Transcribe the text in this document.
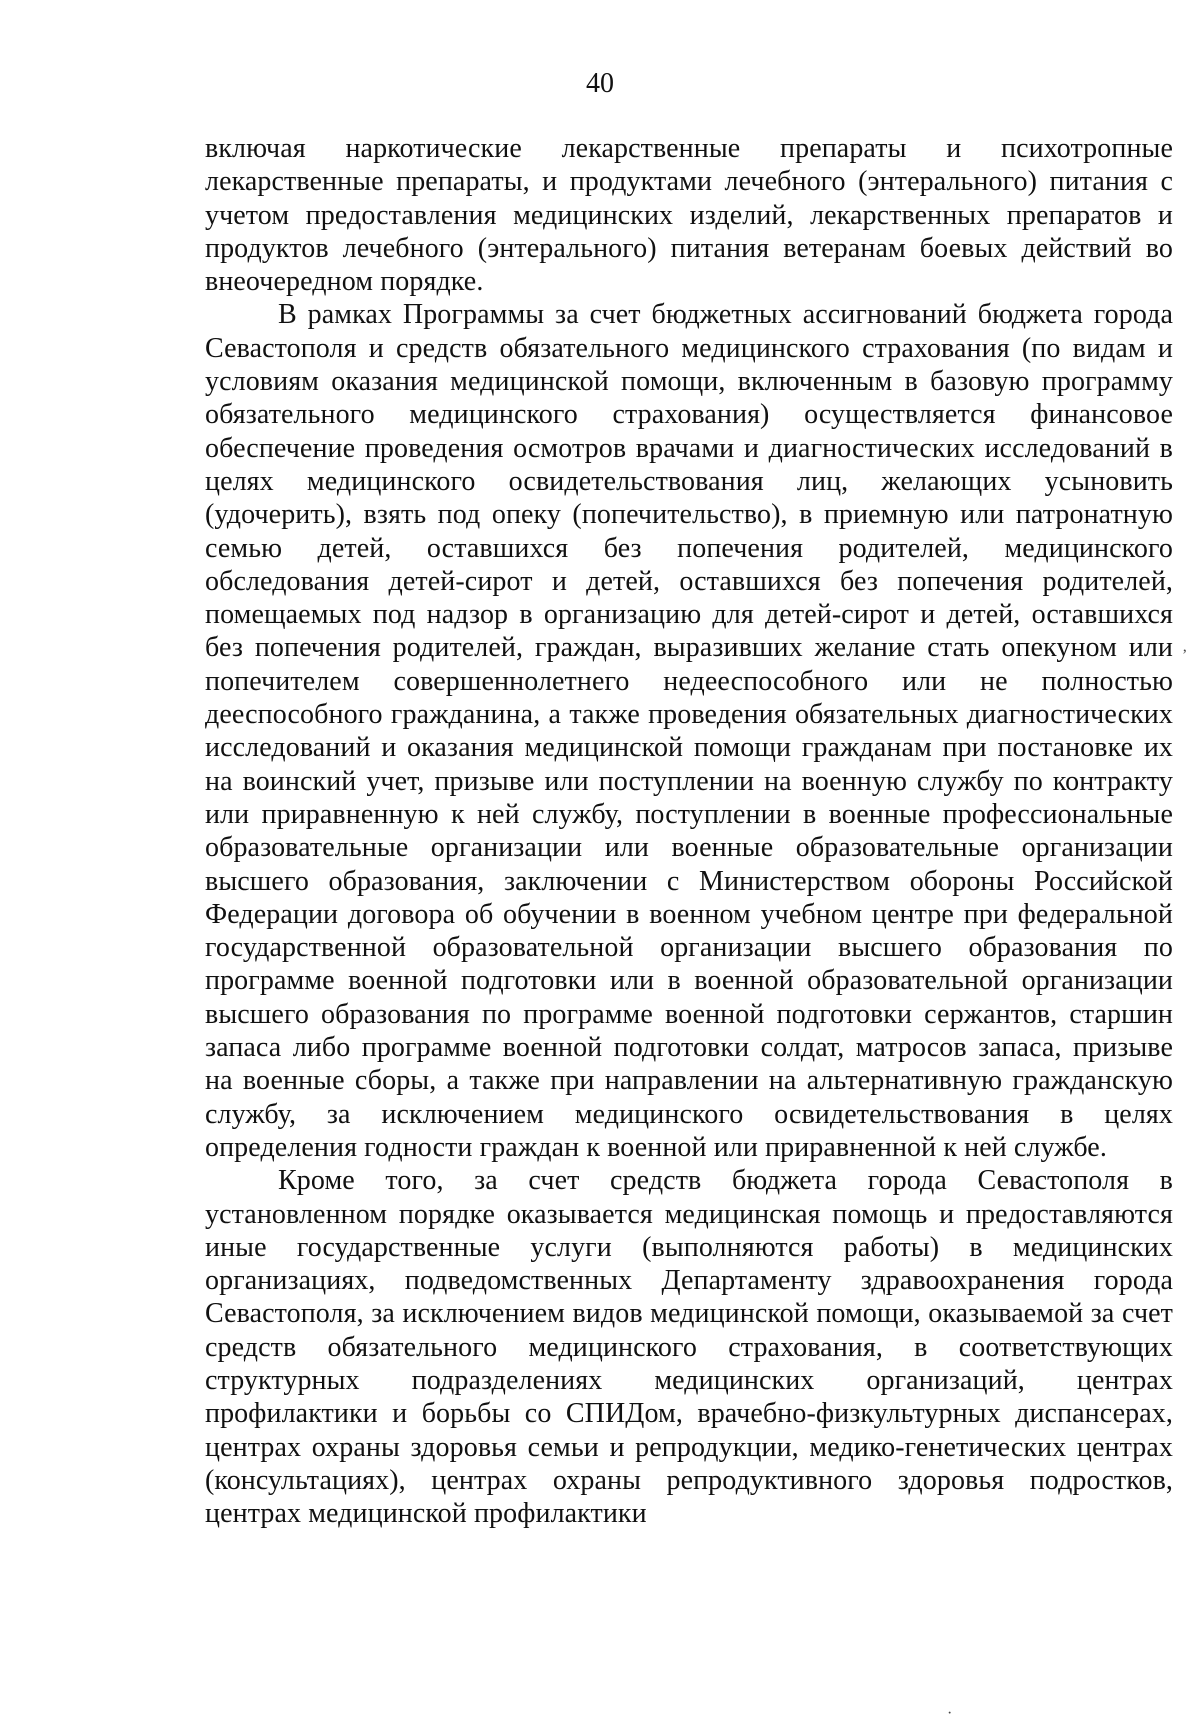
40

включая наркотические лекарственные препараты и психотропные лекарственные препараты, и продуктами лечебного (энтерального) питания с учетом предоставления медицинских изделий, лекарственных препаратов и продуктов лечебного (энтерального) питания ветеранам боевых действий во внеочередном порядке.

В рамках Программы за счет бюджетных ассигнований бюджета города Севастополя и средств обязательного медицинского страхования (по видам и условиям оказания медицинской помощи, включенным в базовую программу обязательного медицинского страхования) осуществляется финансовое обеспечение проведения осмотров врачами и диагностических исследований в целях медицинского освидетельствования лиц, желающих усыновить (удочерить), взять под опеку (попечительство), в приемную или патронатную семью детей, оставшихся без попечения родителей, медицинского обследования детей-сирот и детей, оставшихся без попечения родителей, помещаемых под надзор в организацию для детей-сирот и детей, оставшихся без попечения родителей, граждан, выразивших желание стать опекуном или попечителем совершеннолетнего недееспособного или не полностью дееспособного гражданина, а также проведения обязательных диагностических исследований и оказания медицинской помощи гражданам при постановке их на воинский учет, призыве или поступлении на военную службу по контракту или приравненную к ней службу, поступлении в военные профессиональные образовательные организации или военные образовательные организации высшего образования, заключении с Министерством обороны Российской Федерации договора об обучении в военном учебном центре при федеральной государственной образовательной организации высшего образования по программе военной подготовки или в военной образовательной организации высшего образования по программе военной подготовки сержантов, старшин запаса либо программе военной подготовки солдат, матросов запаса, призыве на военные сборы, а также при направлении на альтернативную гражданскую службу, за исключением медицинского освидетельствования в целях определения годности граждан к военной или приравненной к ней службе.

Кроме того, за счет средств бюджета города Севастополя в установленном порядке оказывается медицинская помощь и предоставляются иные государственные услуги (выполняются работы) в медицинских организациях, подведомственных Департаменту здравоохранения города Севастополя, за исключением видов медицинской помощи, оказываемой за счет средств обязательного медицинского страхования, в соответствующих структурных подразделениях медицинских организаций, центрах профилактики и борьбы со СПИДом, врачебно-физкультурных диспансерах, центрах охраны здоровья семьи и репродукции, медико-генетических центрах (консультациях), центрах охраны репродуктивного здоровья подростков, центрах медицинской профилактики

ʼ
·
